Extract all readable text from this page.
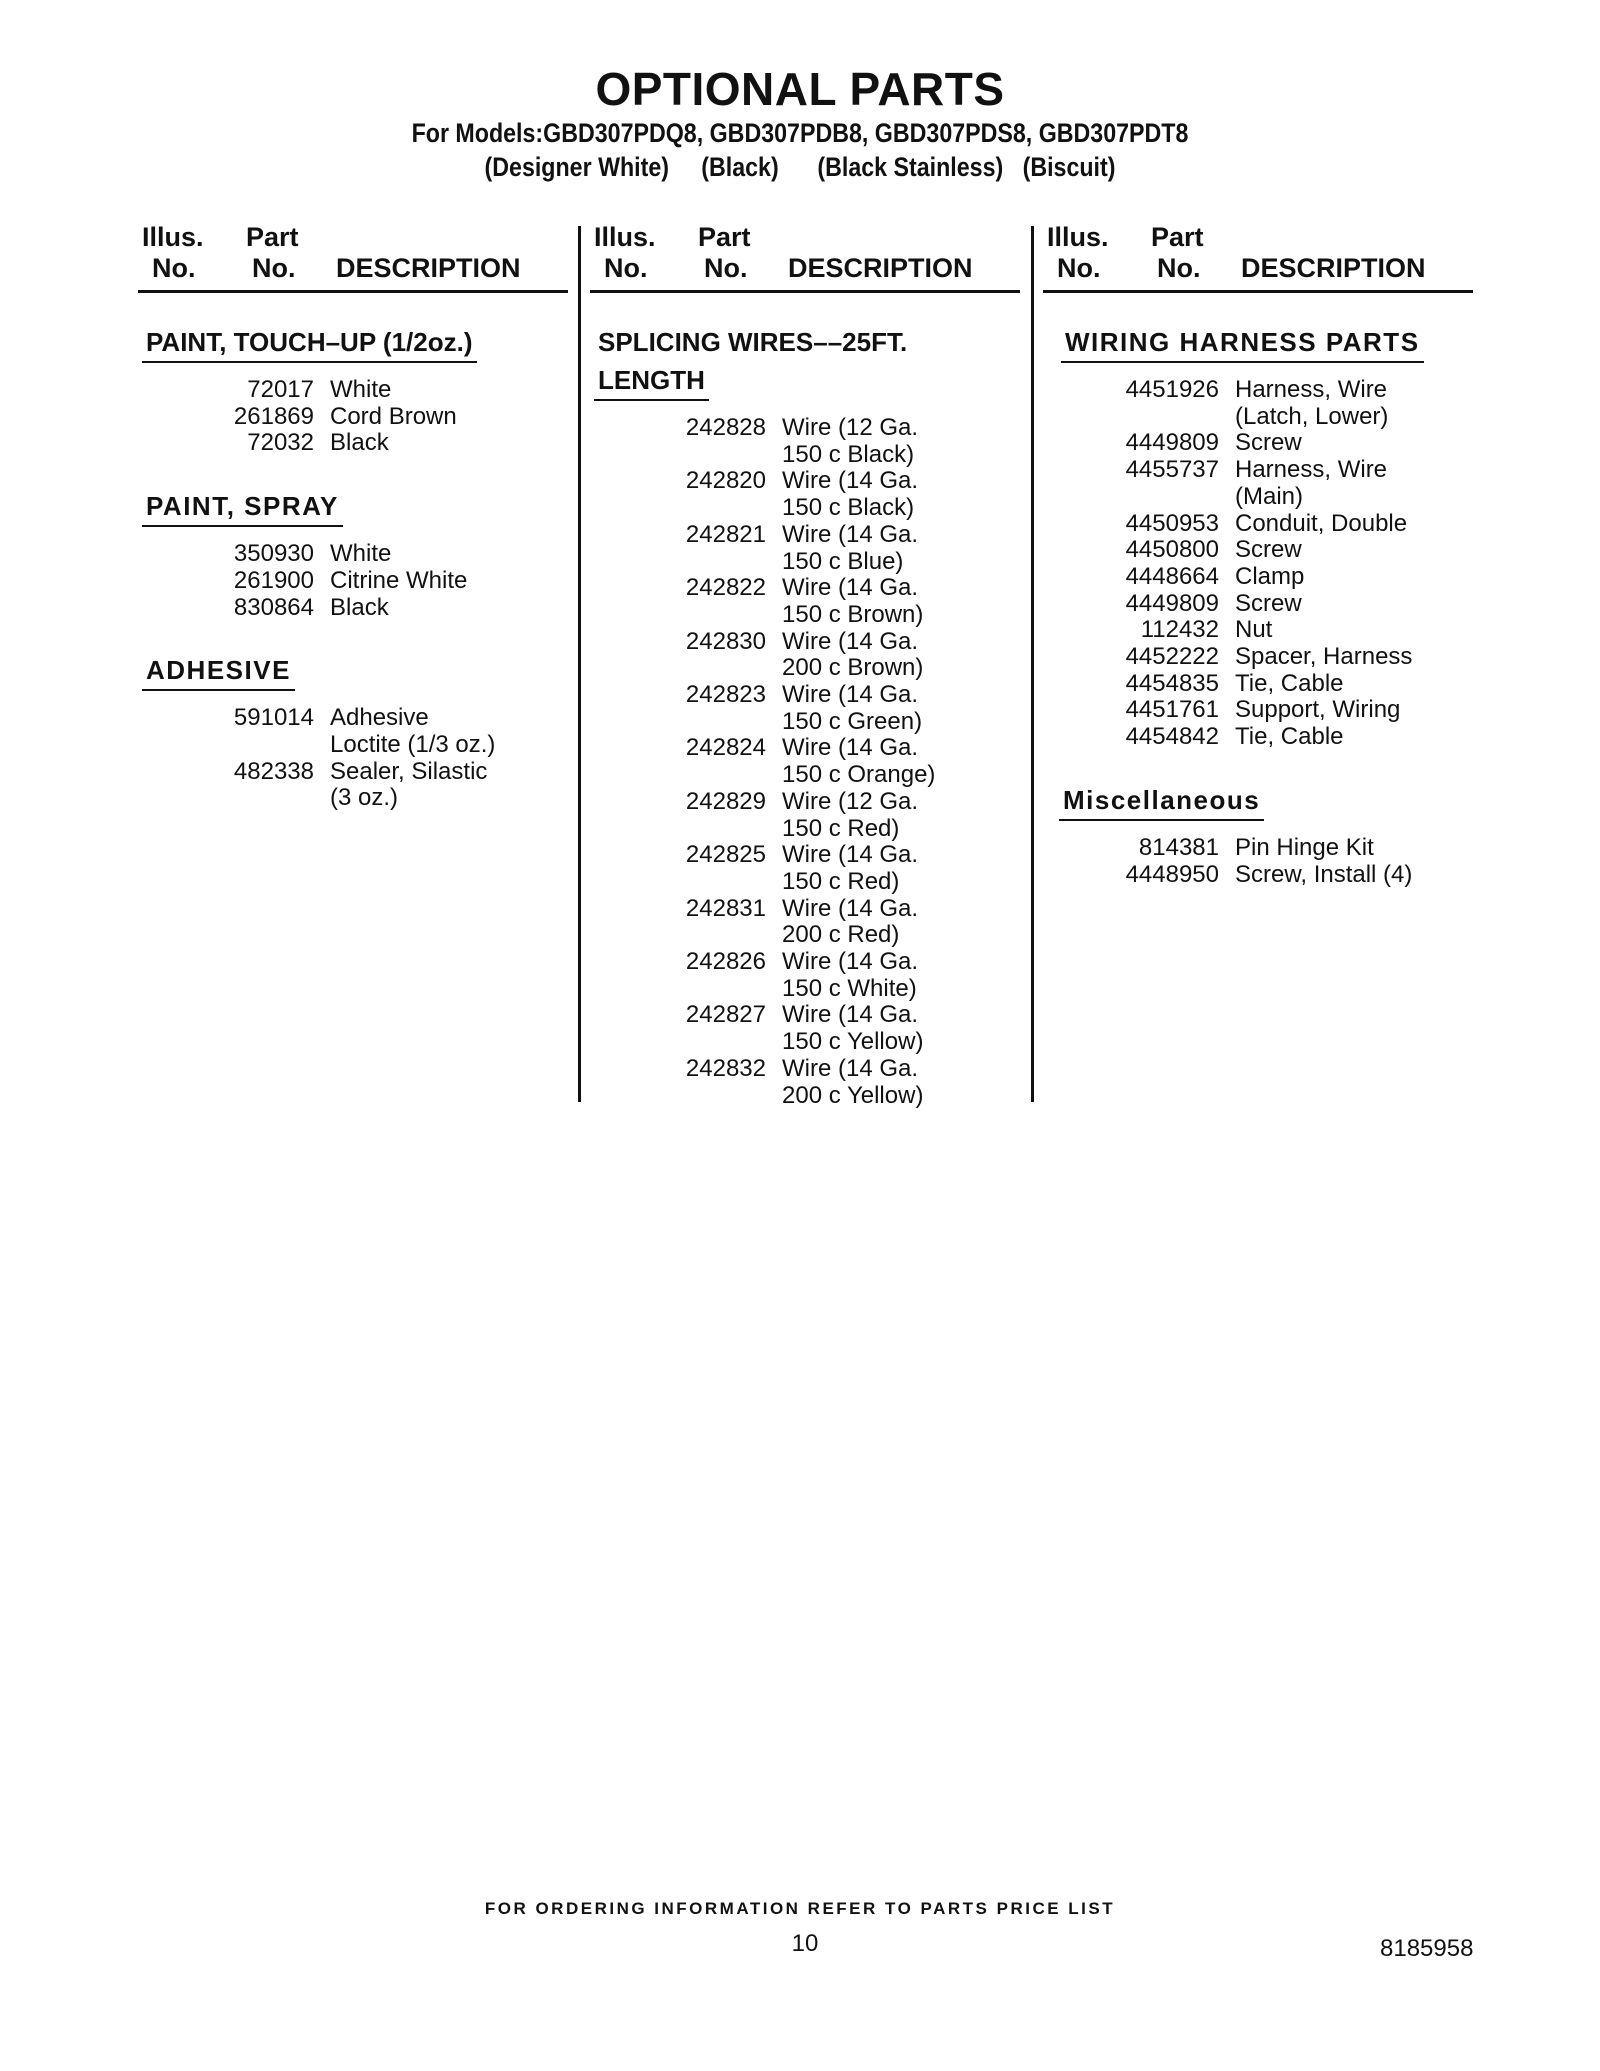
OPTIONAL PARTS
For Models:GBD307PDQ8, GBD307PDB8, GBD307PDS8, GBD307PDT8
(Designer White)     (Black)      (Black Stainless)   (Biscuit)
Illus.
No.
Part
No. DESCRIPTION
PAINT, TOUCH–UP (1/2oz.)
72017 White
261869 Cord Brown
72032 Black
PAINT, SPRAY
350930 White
261900 Citrine White
830864 Black
ADHESIVE
591014 Adhesive
Loctite (1/3 oz.)
482338 Sealer, Silastic
(3 oz.)
Illus.
No.
Part
No. DESCRIPTION
SPLICING WIRES––25FT.
LENGTH
242828 Wire (12 Ga.
150 c Black)
242820 Wire (14 Ga.
150 c Black)
242821 Wire (14 Ga.
150 c Blue)
242822 Wire (14 Ga.
150 c Brown)
242830 Wire (14 Ga.
200 c Brown)
242823 Wire (14 Ga.
150 c Green)
242824 Wire (14 Ga.
150 c Orange)
242829 Wire (12 Ga.
150 c Red)
242825 Wire (14 Ga.
150 c Red)
242831 Wire (14 Ga.
200 c Red)
242826 Wire (14 Ga.
150 c White)
242827 Wire (14 Ga.
150 c Yellow)
242832 Wire (14 Ga.
200 c Yellow)
Illus.
No.
Part
No. DESCRIPTION
WIRING HARNESS PARTS
4451926 Harness, Wire
(Latch, Lower)
4449809 Screw
4455737 Harness, Wire
(Main)
4450953 Conduit, Double
4450800 Screw
4448664 Clamp
4449809 Screw
112432 Nut
4452222 Spacer, Harness
4454835 Tie, Cable
4451761 Support, Wiring
4454842 Tie, Cable
Miscellaneous
814381 Pin Hinge Kit
4448950 Screw, Install (4)
FOR ORDERING INFORMATION REFER TO PARTS PRICE LIST
10	8185958
